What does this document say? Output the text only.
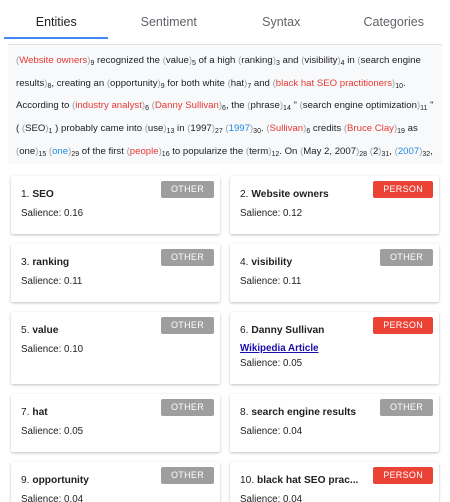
Entities	Sentiment	Syntax	Categories
(Website $owners)_9$ recognized the $(value)_5$ of a high $(ranking)_3$ and $(visibility)_4$ in (search engine $results)_8$, creating an $(opportunity)_9$ for both white $(hat)_7$ and (black hat SEO $practitioners)_{10}$. According to (industry $analyst)_6$ (Danny $Sullivan)_6$, the $(phrase)_{14}$ " (search engine $optimization)_{11}$ " ( $(SEO)_1$ ) probably came into $(use)_{13}$ in $(1997)_{27}$ $(1997)_{30}$. $(Sullivan)_6$ credits (Bruce $Clay)_{19}$ as $(one)_{15}$ $(one)_{29}$ of the first $(people)_{16}$ to popularize the $(term)_{12}$. On (May 2, $2007)_{28}$ $(2)_{31}$, $(2007)_{32}$,
OTHER
1. SEO
Salience: 0.16
PERSON
2. Website owners
Salience: 0.12
OTHER
3. ranking
Salience: 0.11
OTHER
4. visibility
Salience: 0.11
OTHER
5. value
Salience: 0.10
PERSON
6. Danny Sullivan
Wikipedia Article
Salience: 0.05
OTHER
7. hat
Salience: 0.05
OTHER
8. search engine results
Salience: 0.04
OTHER
9. opportunity
Salience: 0.04
PERSON
10. black hat SEO prac...
Salience: 0.04
